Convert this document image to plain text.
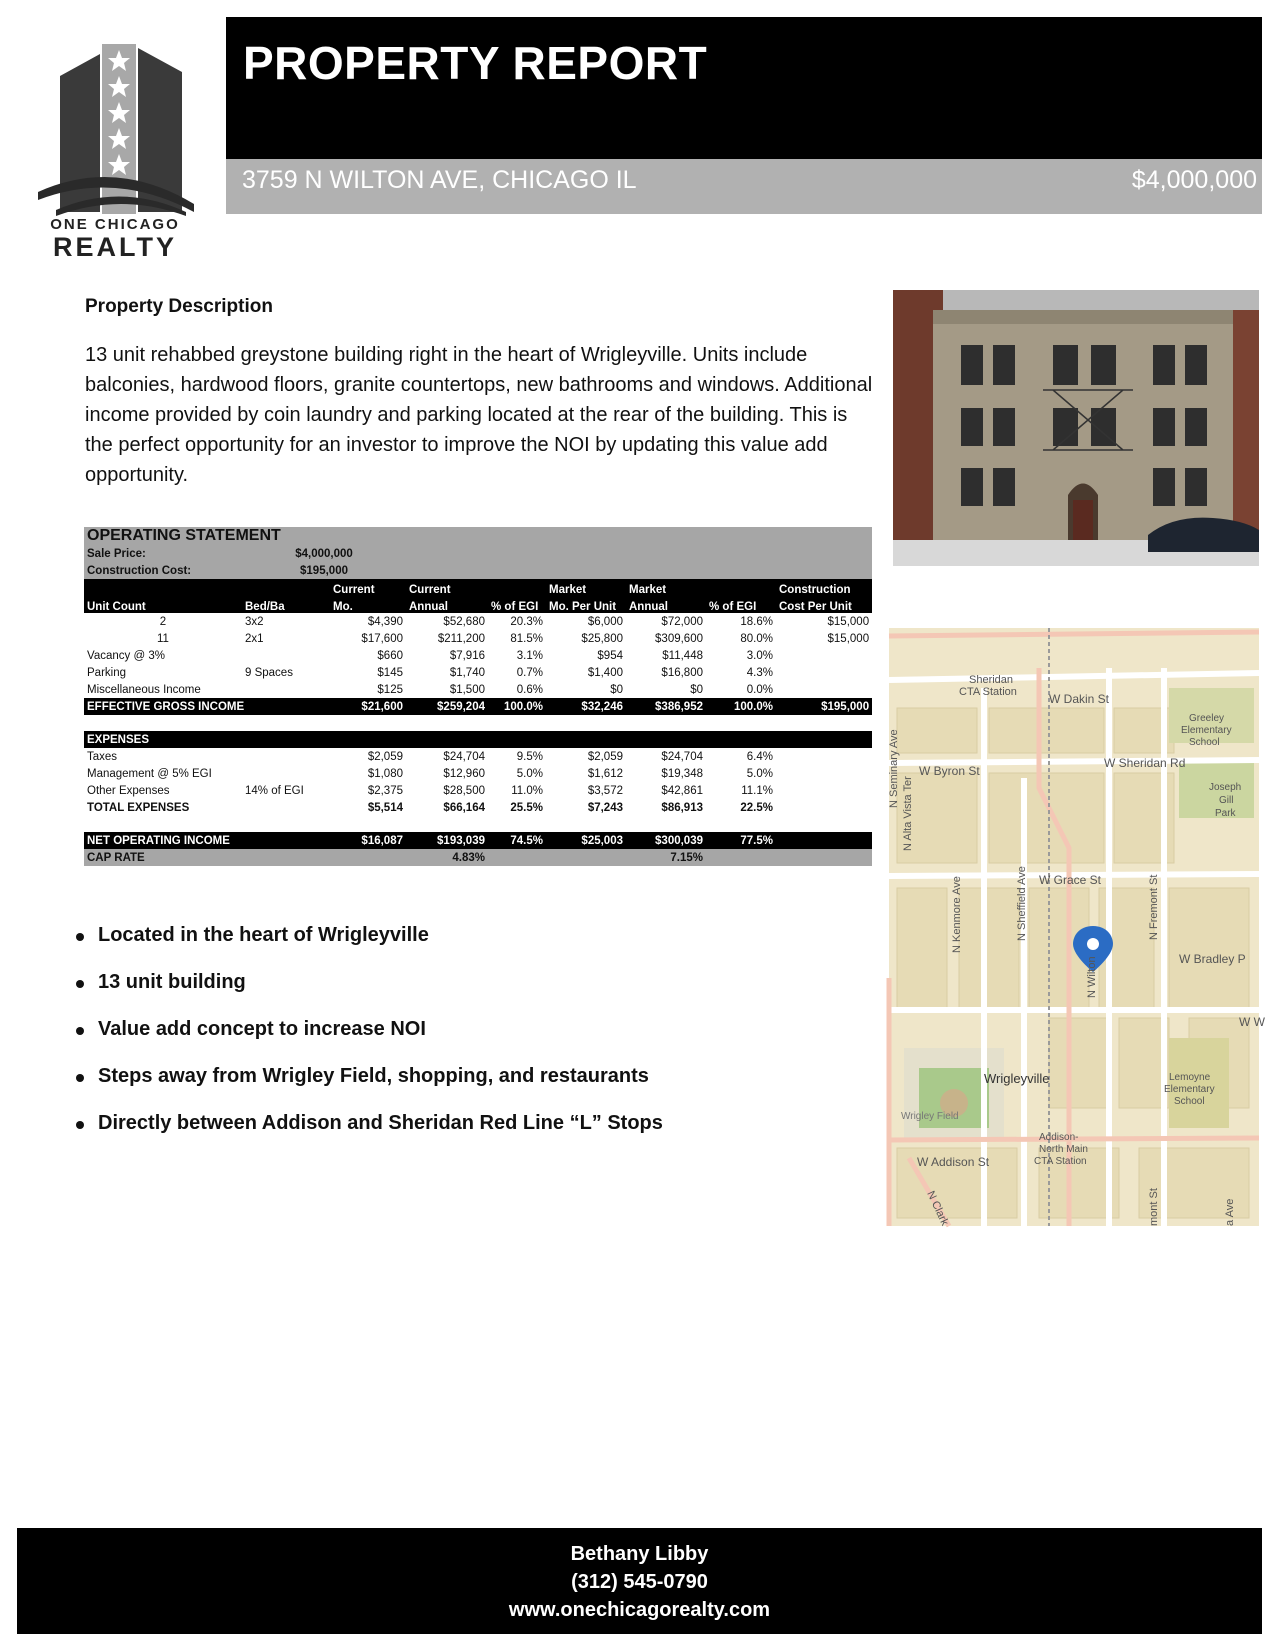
ONE CHICAGO
REALTY
PROPERTY REPORT
3759 N WILTON AVE, CHICAGO IL	$4,000,000
Property Description
13 unit rehabbed greystone building right in the heart of Wrigleyville. Units include balconies, hardwood floors, granite countertops, new bathrooms and windows. Additional income provided by coin laundry and parking located at the rear of the building. This is the perfect opportunity for an investor to improve the NOI by updating this value add opportunity.
OPERATING STATEMENT								
Sale Price:	$4,000,000							
Construction Cost:	$195,000							
		Current	Current		Market	Market		Construction
Unit Count	Bed/Ba	Mo.	Annual	% of EGI	Mo. Per Unit	Annual	% of EGI	Cost Per Unit
2	3x2	$4,390	$52,680	20.3%	$6,000	$72,000	18.6%	$15,000
11	2x1	$17,600	$211,200	81.5%	$25,800	$309,600	80.0%	$15,000
Vacancy @ 3%		$660	$7,916	3.1%	$954	$11,448	3.0%	
Parking	9 Spaces	$145	$1,740	0.7%	$1,400	$16,800	4.3%	
Miscellaneous Income		$125	$1,500	0.6%	$0	$0	0.0%	
EFFECTIVE GROSS INCOME		$21,600	$259,204	100.0%	$32,246	$386,952	100.0%	$195,000

EXPENSES								
Taxes		$2,059	$24,704	9.5%	$2,059	$24,704	6.4%	
Management @ 5% EGI		$1,080	$12,960	5.0%	$1,612	$19,348	5.0%	
Other Expenses	14% of EGI	$2,375	$28,500	11.0%	$3,572	$42,861	11.1%	
TOTAL EXPENSES		$5,514	$66,164	25.5%	$7,243	$86,913	22.5%	

NET OPERATING INCOME		$16,087	$193,039	74.5%	$25,003	$300,039	77.5%	
CAP RATE			4.83%			7.15%		
Located in the heart of Wrigleyville
13 unit building
Value add concept to increase NOI
Steps away from Wrigley Field, shopping, and restaurants
Directly between Addison and Sheridan Red Line “L” Stops
Sheridan
CTA Station	W Dakin St
Greeley
Elementary
School
W Sheridan Rd
W Byron St
Joseph
Gill
Park
W Grace St
W Bradley P
W W
Wrigleyville
Wrigley Field
Lemoyne
Elementary
School
Addison-
North Main
CTA Station
W Addison St
N Alta Vista Ter
N Seminary Ave
N Kenmore Ave	N Sheffield Ave
N Wilton
N Fremont St
N Clark	mont St	a Ave
Bethany Libby
(312) 545-0790
www.onechicagorealty.com
